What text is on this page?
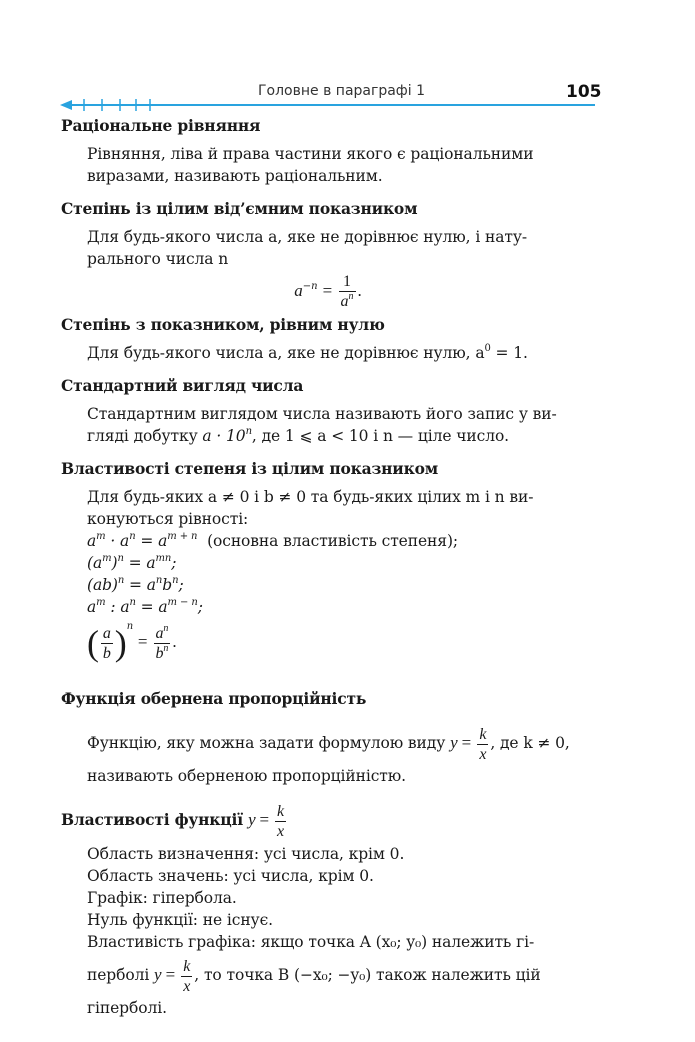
Головне в параграфі 1	105
Раціональне рівняння
Рівняння, ліва й права частини якого є раціональними
виразами, називають раціональним.
Степінь із цілим від’ємним показником
Для будь-якого числа a, яке не дорівнює нулю, і нату-
рального числа n
$a^{-n} = \frac{1}{a^n}$ .
Степінь з показником, рівним нулю
Для будь-якого числа a, яке не дорівнює нулю, $a^0 = 1$.
Стандартний вигляд числа
Стандартним виглядом числа називають його запис у ви-
гляді добутку $a \cdot 10^n$, де 1 ⩽ a < 10 і n — ціле число.
Властивості степеня із цілим показником
Для будь-яких a ≠ 0 і b ≠ 0 та будь-яких цілих m і n ви-
конуються рівності:
$a^m \cdot a^n = a^{m + n}$ (основна властивість степеня);
$(a^m)^n = a^{mn}$;
$(ab)^n = a^nb^n$;
$a^m$ : $a^n = a^{m - n}$;
( $\frac{a}{b} )^n = \frac{a^n}{b^n}$ .
Функція обернена пропорційність
Функцію, яку можна задати формулою виду $y = \frac{k}{x}$ , де k ≠ 0,
називають оберненою пропорційністю.
Властивості функції $y = \frac{k}{x}$
Область визначення: усі числа, крім 0.
Область значень: усі числа, крім 0.
Графік: гіпербола.
Нуль функції: не існує.
Властивість графіка: якщо точка A (x₀; y₀) належить гі-
перболі $y = \frac{k}{x}$ , то точка B (−x₀; −y₀) також належить цій
гіперболі.
